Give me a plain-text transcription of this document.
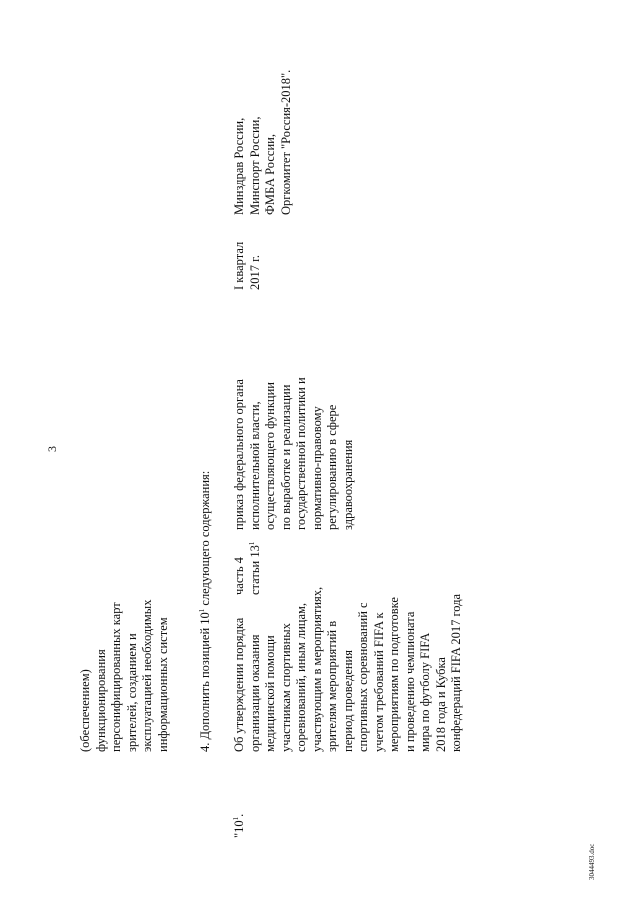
3
(обеспечением) функционирования персонифицированных карт зрителей, созданием и эксплуатацией необходимых информационных систем 4. Дополнить позицией $10^1$ следующего содержания:
"$10^1$.
Об утверждении порядка организации оказания медицинской помощи участникам спортивных соревнований, иным лицам, участвующим в мероприятиях, зрителям мероприятий в период проведения спортивных соревнований с учетом требований FIFA к мероприятиям по подготовке и проведению чемпионата мира по футболу FIFA 2018 года и Кубка конфедераций FIFA 2017 года
часть 4 статьи $13^1$
приказ федерального органа исполнительной власти, осуществляющего функции по выработке и реализации государственной политики и нормативно-правовому регулированию в сфере здравоохранения
I квартал 2017 г.
Минздрав России, Минспорт России, ФМБА России, Оргкомитет "Россия-2018".
3044493.doc
